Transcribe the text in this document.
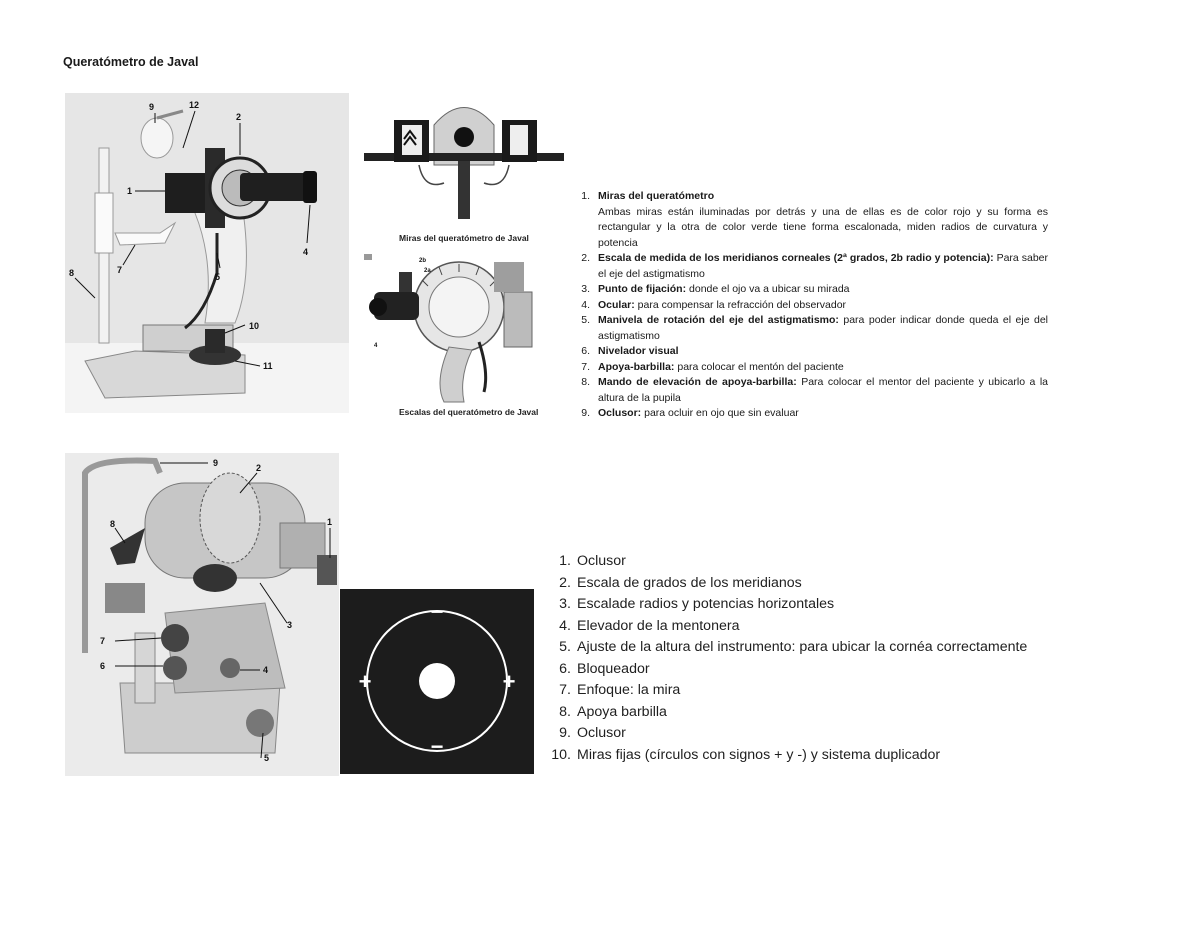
Queratómetro de Javal
9	12
2
1
4
7
5
8
10
11
Miras del queratómetro de Javal
2b
2a
4
Escalas del queratómetro de Javal
1. Miras del queratómetro
Ambas miras están iluminadas por detrás y una de ellas es de color rojo y su forma es rectangular y la otra de color verde tiene forma escalonada, miden radios de curvatura y potencia
2. Escala de medida de los meridianos corneales (2ª grados, 2b radio y potencia): Para saber el eje del astigmatismo
3. Punto de fijación: donde el ojo va a ubicar su mirada
4. Ocular: para compensar la refracción del observador
5. Manivela de rotación del eje del astigmatismo: para poder indicar donde queda el eje del astigmatismo
6. Nivelador visual
7. Apoya-barbilla: para colocar el mentón del paciente
8. Mando de elevación de apoya-barbilla: Para colocar el mentor del paciente y ubicarlo a la altura de la pupila
9. Oclusor: para ocluir en ojo que sin evaluar
9	2
8	1
3
7
6	4
5
−
+	+
−
1. Oclusor
2. Escala de grados de los meridianos
3. Escalade radios y potencias horizontales
4. Elevador de la mentonera
5. Ajuste de la altura del instrumento: para ubicar la cornéa correctamente
6. Bloqueador
7. Enfoque: la mira
8. Apoya barbilla
9. Oclusor
10. Miras fijas (círculos con signos + y -) y sistema duplicador
